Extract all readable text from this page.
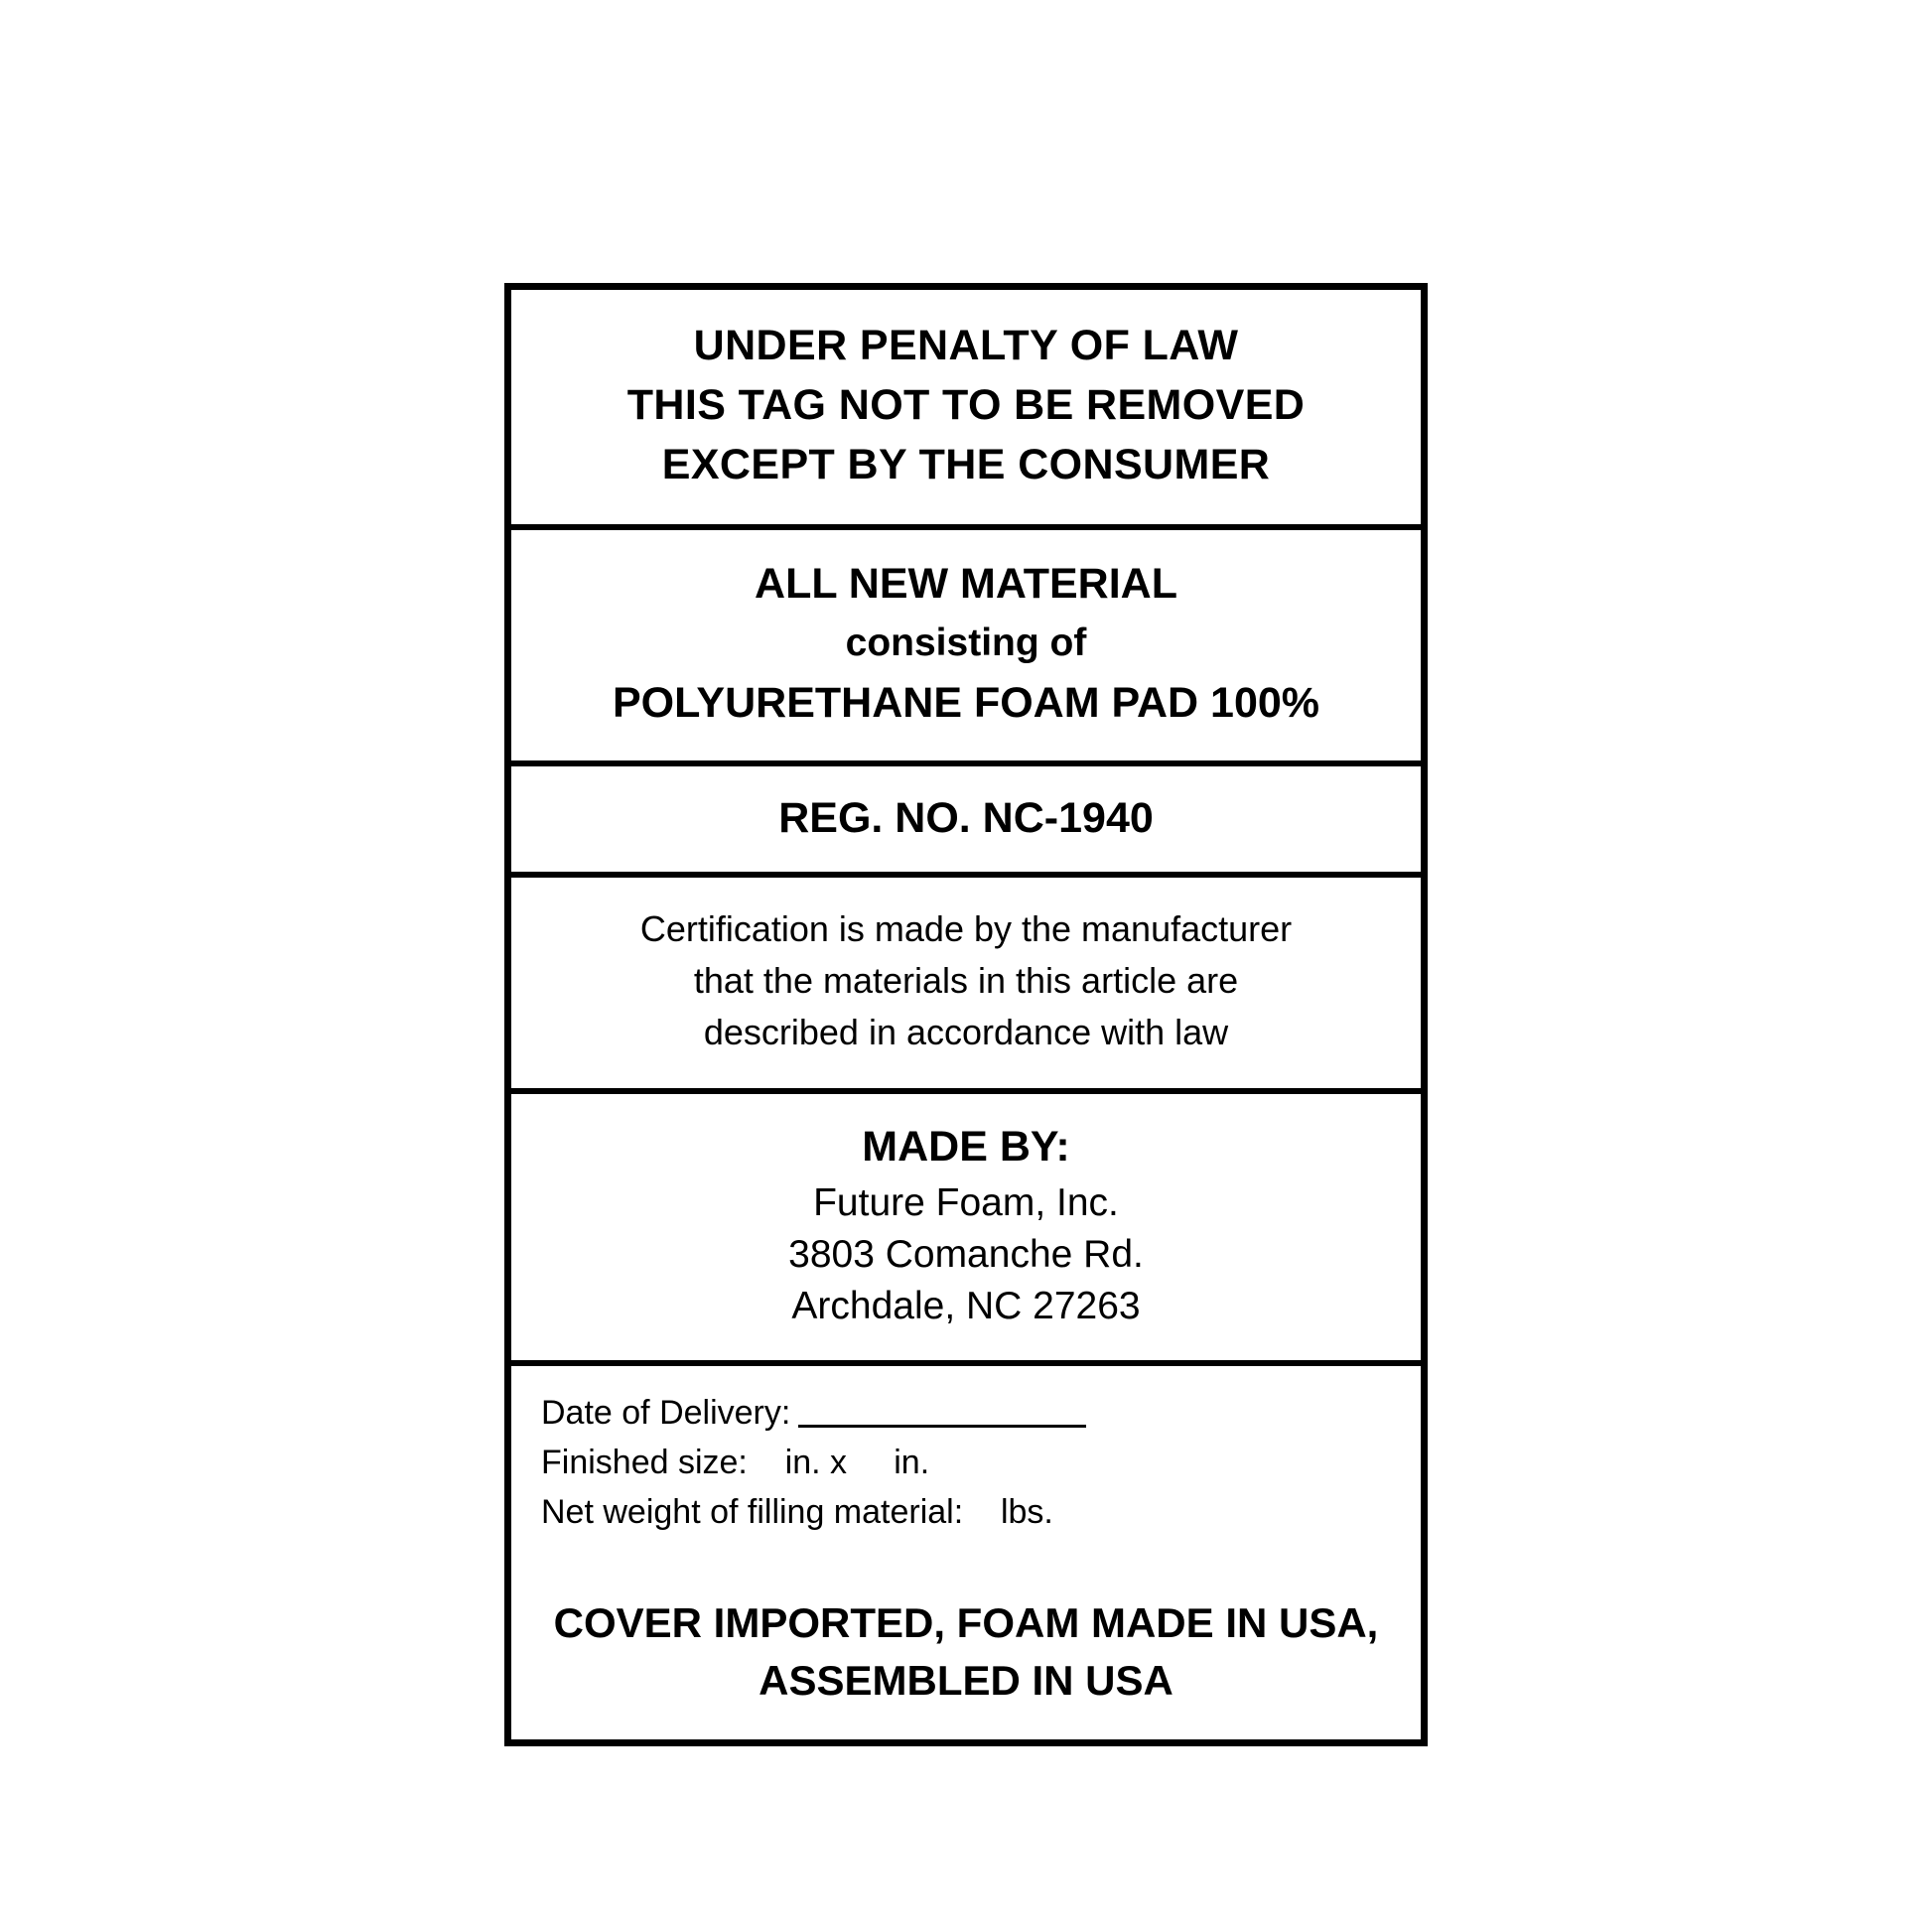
UNDER PENALTY OF LAW
THIS TAG NOT TO BE REMOVED
EXCEPT BY THE CONSUMER
ALL NEW MATERIAL
consisting of
POLYURETHANE FOAM PAD 100%
REG. NO. NC-1940
Certification is made by the manufacturer
that the materials in this article are
described in accordance with law
MADE BY:
Future Foam, Inc.
3803 Comanche Rd.
Archdale, NC 27263
Date of Delivery:
Finished size:    in. x     in.
Net weight of filling material:    lbs.
COVER IMPORTED, FOAM MADE IN USA,
ASSEMBLED IN USA
